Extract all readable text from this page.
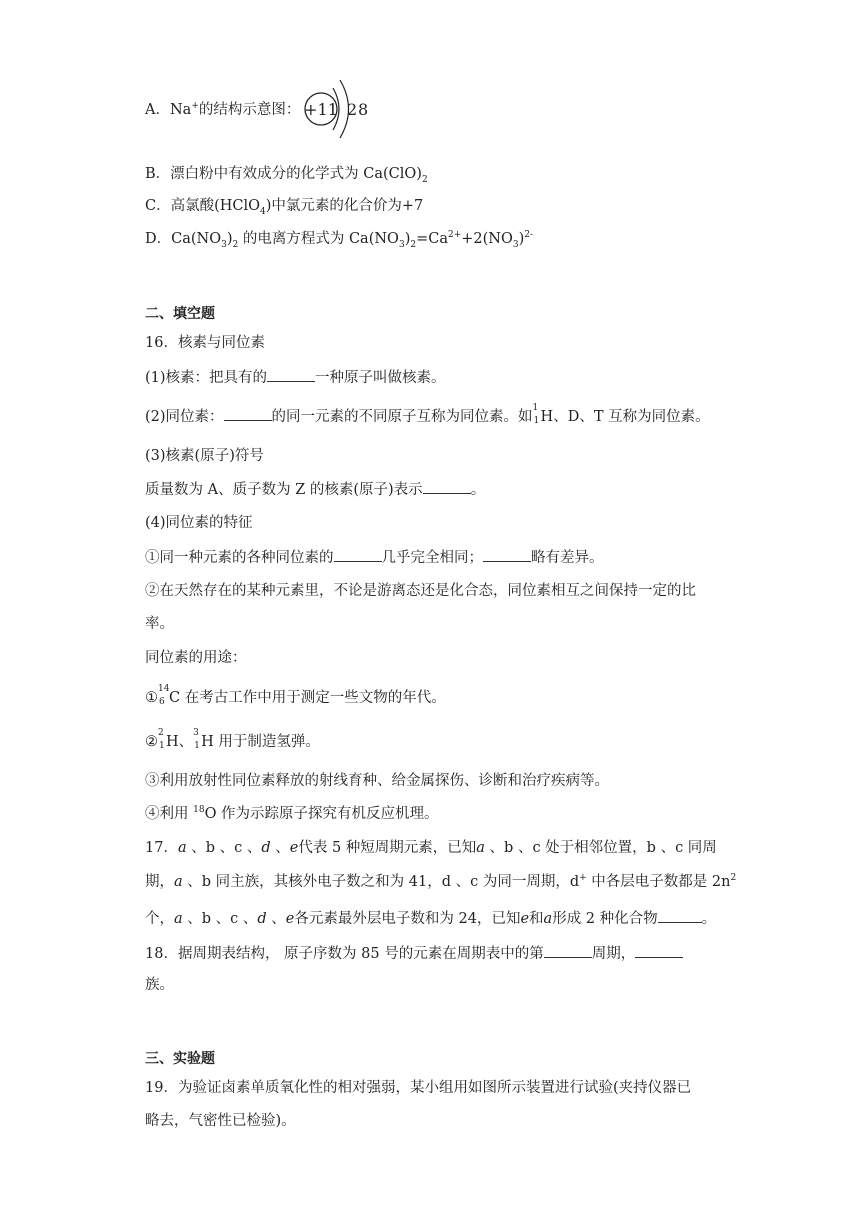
A．Na+的结构示意图： +11 2 8
B．漂白粉中有效成分的化学式为 $Ca(ClO)_2$
C．高氯酸(HClO$_4$)中氯元素的化合价为+7
D．$Ca(NO_3)_2$ 的电离方程式为 $Ca(NO_3)_2=Ca^{2+}+2(NO_3)^{2-}$
二、填空题
16．核素与同位素
(1)核素：把具有的	一种原子叫做核素。
(2)同位素：	的同一元素的不同原子互称为同位素。如
1
1 H、D、T 互称为同位素。
(3)核素(原子)符号
质量数为 A、质子数为 Z 的核素(原子)表示	。
(4)同位素的特征
①同一种元素的各种同位素的	几乎完全相同；	略有差异。
②在天然存在的某种元素里，不论是游离态还是化合态，同位素相互之间保持一定的比
率。
同位素的用途：
①
14
6 C 在考古工作中用于测定一些文物的年代。
②
2
1 H、
3
1 H 用于制造氢弹。
③利用放射性同位素释放的射线育种、给金属探伤、诊断和治疗疾病等。
④利用 $^{18}$O 作为示踪原子探究有机反应机理。
17．a 、b 、c 、d 、e代表 5 种短周期元素，已知a 、b 、c 处于相邻位置，b 、c 同周
期，a 、b 同主族，其核外电子数之和为 41，d 、c 为同一周期，d+ 中各层电子数都是 $2n^2$
个，a 、b 、c 、d 、e各元素最外层电子数和为 24，已知e和a形成 2 种化合物	。
18．据周期表结构， 原子序数为 85 号的元素在周期表中的第	周期，
族。
三、实验题
19．为验证卤素单质氧化性的相对强弱，某小组用如图所示装置进行试验(夹持仪器已
略去，气密性已检验)。
